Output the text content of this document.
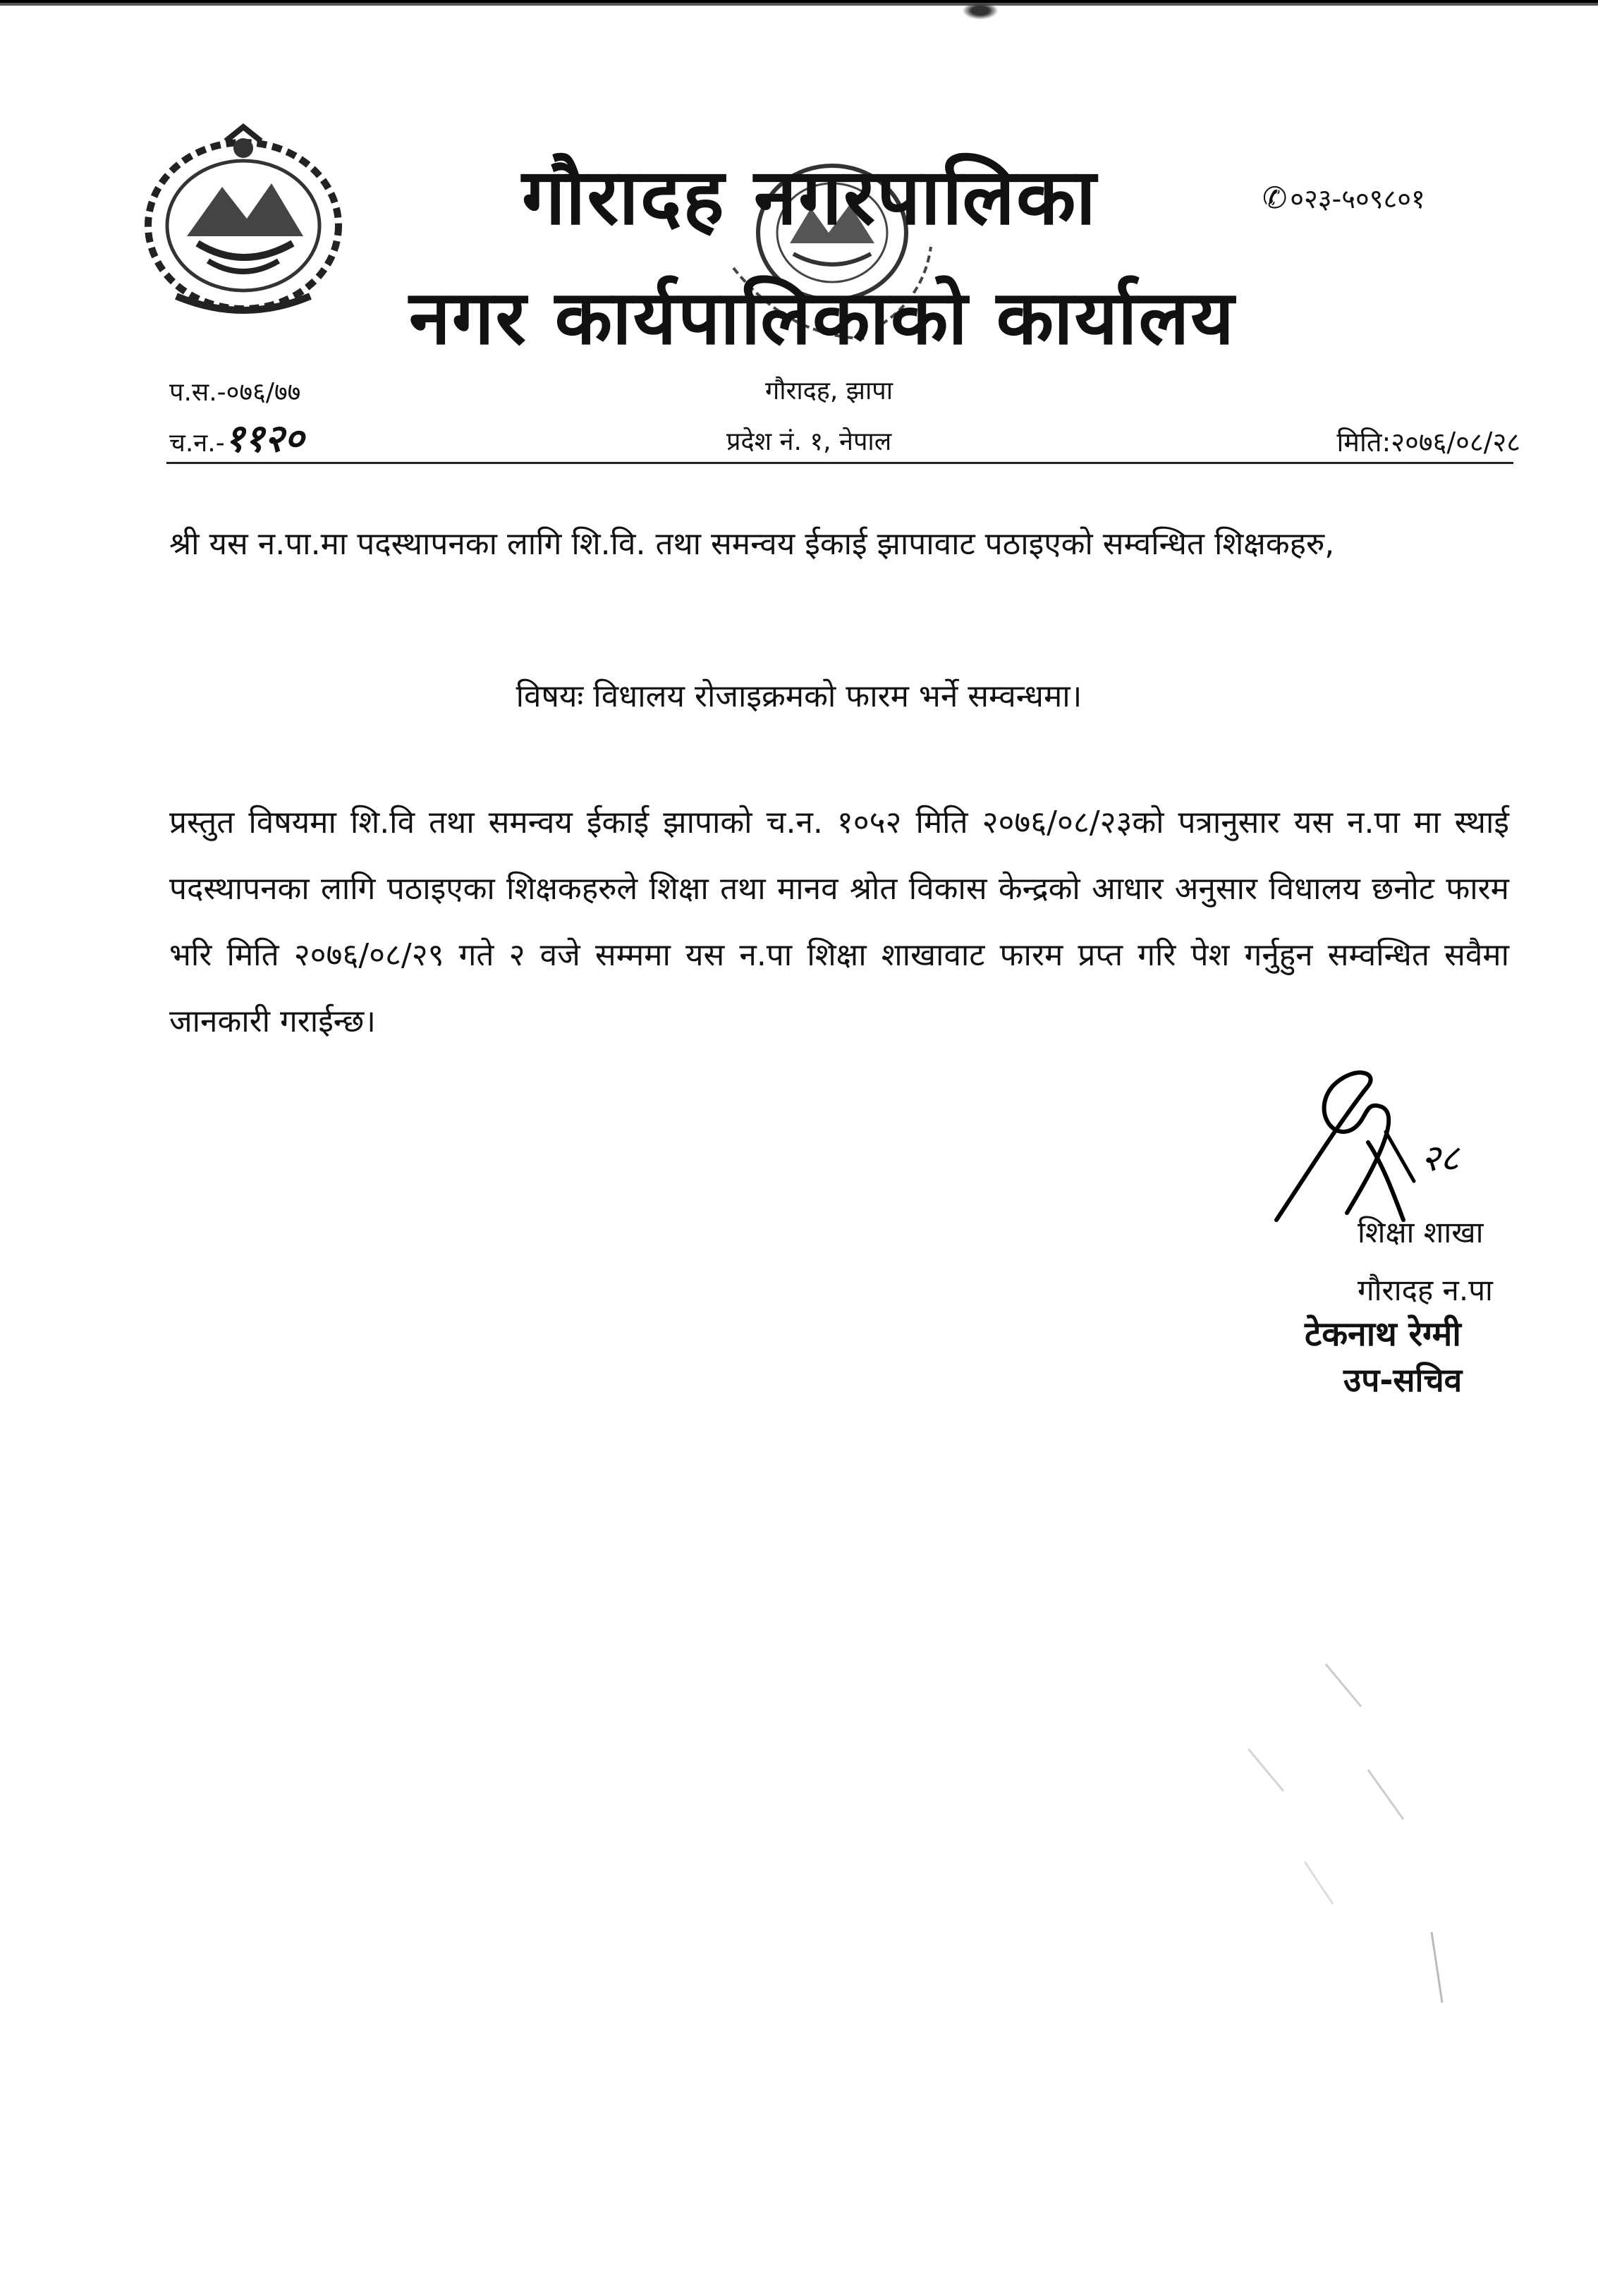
गौरादह नगरपालिका
नगर कार्यपालिकाको कार्यालय
✆ ०२३-५०९८०१
गौरादह, झापा
प्रदेश नं. १, नेपाल
प.स.-०७६/७७
च.न.-११२०	मिति:२०७६/०८/२८
श्री यस न.पा.मा पदस्थापनका लागि शि.वि. तथा समन्वय ईकाई झापावाट पठाइएको सम्वन्धित शिक्षकहरु,
विषयः विधालय रोजाइक्रमको फारम भर्ने सम्वन्धमा।
प्रस्तुत विषयमा शि.वि तथा समन्वय ईकाई झापाको च.न. १०५२ मिति २०७६/०८/२३को पत्रानुसार यस न.पा मा स्थाई पदस्थापनका लागि पठाइएका शिक्षकहरुले शिक्षा तथा मानव श्रोत विकास केन्द्रको आधार अनुसार विधालय छनोट फारम भरि मिति २०७६/०८/२९ गते २ वजे सम्ममा यस न.पा शिक्षा शाखावाट फारम प्रप्त गरि पेश गर्नुहुन सम्वन्धित सवैमा जानकारी गराईन्छ।
२८
शिक्षा शाखा
गौरादह न.पा
टेकनाथ रेग्मी
उप-सचिव
